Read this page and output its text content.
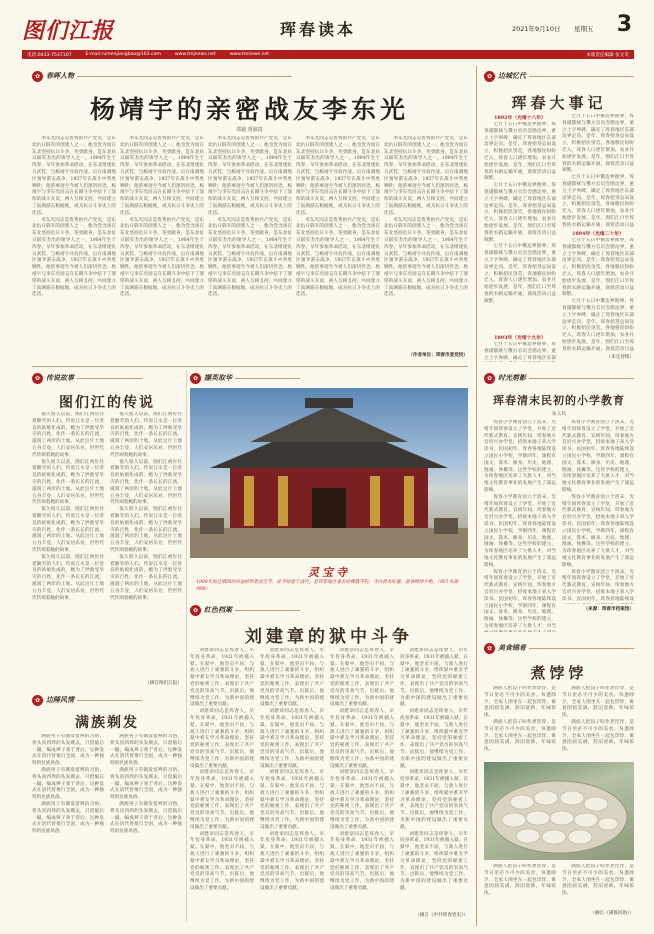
图们江报	珲春读本	3
2021年9月10日 星期五
电话:0433-7537167	E-mail:rumenjiangbao@163.com	www.tmjnews.net	www.tmnews.net	本版责任编辑 张文奇
✿ 春晖人物
杨靖宇的亲密战友李东光
郑毅 贾淑霞

李东光同志是优秀的共产党员，是东北抗日联军的创建人之一，他为党为国在东北坚持抗日斗争，英勇献身，是东北抗日联军杰出的领导人之一。1904年生于珲春，早年参加革命活动，在东北组建抗日武装，与杨靖宇并肩作战，后在南满地区领导游击战争，1937年在战斗中英勇牺牲。他的事迹至今被人们深切怀念。杨靖宇与李东光同志在长期斗争中结下了深厚的战斗友谊，两人互相支持，共同建立了南满游击根据地，成为抗日斗争史上的佳话。

李东光同志是优秀的共产党员，是东北抗日联军的创建人之一，他为党为国在东北坚持抗日斗争，英勇献身，是东北抗日联军杰出的领导人之一。1904年生于珲春，早年参加革命活动，在东北组建抗日武装，与杨靖宇并肩作战，后在南满地区领导游击战争，1937年在战斗中英勇牺牲。他的事迹至今被人们深切怀念。杨靖宇与李东光同志在长期斗争中结下了深厚的战斗友谊，两人互相支持，共同建立了南满游击根据地，成为抗日斗争史上的佳话。

李东光同志是优秀的共产党员，是东北抗日联军的创建人之一，他为党为国在东北坚持抗日斗争，英勇献身，是东北抗日联军杰出的领导人之一。1904年生于珲春，早年参加革命活动，在东北组建抗日武装，与杨靖宇并肩作战，后在南满地区领导游击战争，1937年在战斗中英勇牺牲。他的事迹至今被人们深切怀念。杨靖宇与李东光同志在长期斗争中结下了深厚的战斗友谊，两人互相支持，共同建立了南满游击根据地，成为抗日斗争史上的佳话。

李东光同志是优秀的共产党员，是东北抗日联军的创建人之一，他为党为国在东北坚持抗日斗争，英勇献身，是东北抗日联军杰出的领导人之一。1904年生于珲春，早年参加革命活动，在东北组建抗日武装，与杨靖宇并肩作战，后在南满地区领导游击战争，1937年在战斗中英勇牺牲。他的事迹至今被人们深切怀念。杨靖宇与李东光同志在长期斗争中结下了深厚的战斗友谊，两人互相支持，共同建立了南满游击根据地，成为抗日斗争史上的佳话。

李东光同志是优秀的共产党员，是东北抗日联军的创建人之一，他为党为国在东北坚持抗日斗争，英勇献身，是东北抗日联军杰出的领导人之一。1904年生于珲春，早年参加革命活动，在东北组建抗日武装，与杨靖宇并肩作战，后在南满地区领导游击战争，1937年在战斗中英勇牺牲。他的事迹至今被人们深切怀念。杨靖宇与李东光同志在长期斗争中结下了深厚的战斗友谊，两人互相支持，共同建立了南满游击根据地，成为抗日斗争史上的佳话。

李东光同志是优秀的共产党员，是东北抗日联军的创建人之一，他为党为国在东北坚持抗日斗争，英勇献身，是东北抗日联军杰出的领导人之一。1904年生于珲春，早年参加革命活动，在东北组建抗日武装，与杨靖宇并肩作战，后在南满地区领导游击战争，1937年在战斗中英勇牺牲。他的事迹至今被人们深切怀念。杨靖宇与李东光同志在长期斗争中结下了深厚的战斗友谊，两人互相支持，共同建立了南满游击根据地，成为抗日斗争史上的佳话。

李东光同志是优秀的共产党员，是东北抗日联军的创建人之一，他为党为国在东北坚持抗日斗争，英勇献身，是东北抗日联军杰出的领导人之一。1904年生于珲春，早年参加革命活动，在东北组建抗日武装，与杨靖宇并肩作战，后在南满地区领导游击战争，1937年在战斗中英勇牺牲。他的事迹至今被人们深切怀念。杨靖宇与李东光同志在长期斗争中结下了深厚的战斗友谊，两人互相支持，共同建立了南满游击根据地，成为抗日斗争史上的佳话。

李东光同志是优秀的共产党员，是东北抗日联军的创建人之一，他为党为国在东北坚持抗日斗争，英勇献身，是东北抗日联军杰出的领导人之一。1904年生于珲春，早年参加革命活动，在东北组建抗日武装，与杨靖宇并肩作战，后在南满地区领导游击战争，1937年在战斗中英勇牺牲。他的事迹至今被人们深切怀念。杨靖宇与李东光同志在长期斗争中结下了深厚的战斗友谊，两人互相支持，共同建立了南满游击根据地，成为抗日斗争史上的佳话。

李东光同志是优秀的共产党员，是东北抗日联军的创建人之一，他为党为国在东北坚持抗日斗争，英勇献身，是东北抗日联军杰出的领导人之一。1904年生于珲春，早年参加革命活动，在东北组建抗日武装，与杨靖宇并肩作战，后在南满地区领导游击战争，1937年在战斗中英勇牺牲。他的事迹至今被人们深切怀念。杨靖宇与李东光同志在长期斗争中结下了深厚的战斗友谊，两人互相支持，共同建立了南满游击根据地，成为抗日斗争史上的佳话。

李东光同志是优秀的共产党员，是东北抗日联军的创建人之一，他为党为国在东北坚持抗日斗争，英勇献身，是东北抗日联军杰出的领导人之一。1904年生于珲春，早年参加革命活动，在东北组建抗日武装，与杨靖宇并肩作战，后在南满地区领导游击战争，1937年在战斗中英勇牺牲。他的事迹至今被人们深切怀念。杨靖宇与李东光同志在长期斗争中结下了深厚的战斗友谊，两人互相支持，共同建立了南满游击根据地，成为抗日斗争史上的佳话。

（作者单位：珲春市委党校）
✿ 边城忆代
珲春大事记
1892年（光绪十八年）

七月十五日中俄边界勘界，珲春副都统与俄方官员会勘边界，重立土字界碑，确定了珲春地区东部边界走向。是年，珲春招垦总局设立，积极招民垦荒，各地移民纷纷迁入，珲春人口逐年增加，农业开始逐步发展。是年，图们江口至珲春的水路运输开通，商贸活动日益频繁。

七月十五日中俄边界勘界，珲春副都统与俄方官员会勘边界，重立土字界碑，确定了珲春地区东部边界走向。是年，珲春招垦总局设立，积极招民垦荒，各地移民纷纷迁入，珲春人口逐年增加，农业开始逐步发展。是年，图们江口至珲春的水路运输开通，商贸活动日益频繁。

七月十五日中俄边界勘界，珲春副都统与俄方官员会勘边界，重立土字界碑，确定了珲春地区东部边界走向。是年，珲春招垦总局设立，积极招民垦荒，各地移民纷纷迁入，珲春人口逐年增加，农业开始逐步发展。是年，图们江口至珲春的水路运输开通，商贸活动日益频繁。

1893年（光绪十九年）

七月十五日中俄边界勘界，珲春副都统与俄方官员会勘边界，重立土字界碑，确定了珲春地区东部

1894年（光绪二十年）

七月十五日中俄边界勘界，珲春副都统与俄方官员会勘边界，重立土字界碑，确定了珲春地区东部边界走向。是年，珲春招垦总局设立，积极招民垦荒，各地移民纷纷迁入，珲春人口逐年增加，农业开始逐步发展。是年，图们江口至珲春的水路运输开通，商贸活动日益频繁。

七月十五日中俄边界勘界，珲春副都统与俄方官员会勘边界，重立土字界碑，确定了珲春地区东部边界走向。是年，珲春招垦总局设立，积极招民垦荒，各地移民纷纷迁入，珲春人口逐年增加，农业开始逐步发展。是年，图们江口至珲春的水路运输开通，商贸活动日益

七月十五日中俄边界勘界，珲春副都统与俄方官员会勘边界，重立土字界碑，确定了珲春地区东部边界走向。是年，珲春招垦总局设立，积极招民垦荒，各地移民纷纷迁入，珲春人口逐年增加，农业开始逐步发展。是年，图们江口至珲春的水路运输开通，商贸活动日益频繁。

七月十五日中俄边界勘界，珲春副都统与俄方官员会勘边界，重立土字界碑，确定了珲春地区东部边界走向。是年，珲春招垦总局设立，积极招民垦荒，各地移民纷纷迁入，珲春人口逐年增加，农业开始逐步发展。是年，图们江口至珲春的水路运输开通，商贸活动日益

（未完待续）
✿ 时光剪影
珲春清末民初的小学教育
朱玉玖

珲春小学教育创立于清末，光绪年间珲春设立了学堂，开始了近代新式教育。宣统年间，珲春地方官府兴办学堂，招收本地子弟入学读书。民国初年，珲春各地陆续设立国民小学校，学制四年，课程有国文、算术、修身、历史、地理、图画、体操等。这些学校的建立，为珲春地区培养了大批人才，对当地文化教育事业的发展产生了深远影响。

珲春小学教育创立于清末，光绪年间珲春设立了学堂，开始了近代新式教育。宣统年间，珲春地方官府兴办学堂，招收本地子弟入学读书。民国初年，珲春各地陆续设立国民小学校，学制四年，课程有国文、算术、修身、历史、地理、图画、体操等。这些学校的建立，为珲春地区培养了大批人才，对当地文化教育事业的发展产生了深远影响。

珲春小学教育创立于清末，光绪年间珲春设立了学堂，开始了近代新式教育。宣统年间，珲春地方官府兴办学堂，招收本地子弟入学读书。民国初年，珲春各地陆续设立国民小学校，学制四年，课程有国文、算术、修身、历史、地理、图画、体操等。这些学校的建立，为珲春地区培养了大批人才，对当

珲春小学教育创立于清末，光绪年间珲春设立了学堂，开始了近代新式教育。宣统年间，珲春地方官府兴办学堂，招收本地子弟入学读书。民国初年，珲春各地陆续设立国民小学校，学制四年，课程有国文、算术、修身、历史、地理、图画、体操等。这些学校的建立，为珲春地区培养了大批人才，对当地文化教育事业的发展产生了深远影响。

珲春小学教育创立于清末，光绪年间珲春设立了学堂，开始了近代新式教育。宣统年间，珲春地方官府兴办学堂，招收本地子弟入学读书。民国初年，珲春各地陆续设立国民小学校，学制四年，课程有国文、算术、修身、历史、地理、图画、体操等。这些学校的建立，为珲春地区培养了大批人才，对当地文化教育事业的发展产生了深远影响。

珲春小学教育创立于清末，光绪年间珲春设立了学堂，开始了近代新式教育。宣统年间，珲春地方官府兴办学堂，招收本地子弟入学读书。民国初年，珲春各地陆续设

（来源：珲春市档案馆）
✿ 美食锦肴
煮饽饽

满族人把饺子叫作煮饽饽，是节日里必不可少的美食。每逢除夕，全家人围坐在一起包饽饽，寓意团圆美满，辞旧迎新，年味浓浓。

满族人把饺子叫作煮饽饽，是节日里必不可少的美食。每逢除夕，全家人围坐在一起包饽饽，寓意团圆美满，辞旧迎新，年味浓浓。

满族人把饺子叫作煮饽饽，是节日里必不可少的美食。每逢除夕，全家人围坐在一起包饽饽，寓意团圆美满，辞旧迎新，年味浓浓。

满族人把饺子叫作煮饽饽，是节日里必不可少的美食。每逢除夕，全家人围坐在一起包饽饽，寓意团圆美满，辞旧迎新，年味浓浓。

满族人把饺子叫作煮饽饽，是节日里必不可少的美食。每逢除夕，全家人围坐在一起包饽饽，寓意团圆美满，辞旧迎新，年味浓浓。

满族人把饺子叫作煮饽饽，是节日里必不可少的美食。每逢除夕，全家人围坐在一起包饽饽，寓意团圆美满，辞旧迎新，年味浓浓。

（摘自《满族风俗》）
✿ 传说故事
图们江的传说

很久很久以前，图们江两岸住着勤劳的人们。传说江水是一位善良的姑娘化成的，她为了拯救受旱灾的百姓，化作一条长长的江流，滋润了两岸的土地。从此这片土地五谷丰登，人们安居乐业，世世代代传颂着她的故事。

很久很久以前，图们江两岸住着勤劳的人们。传说江水是一位善良的姑娘化成的，她为了拯救受旱灾的百姓，化作一条长长的江流，滋润了两岸的土地。从此这片土地五谷丰登，人们安居乐业，世世代代传颂着她的故事。

很久很久以前，图们江两岸住着勤劳的人们。传说江水是一位善良的姑娘化成的，她为了拯救受旱灾的百姓，化作一条长长的江流，滋润了两岸的土地。从此这片土地五谷丰登，人们安居乐业，世世代代传颂着她的故事。

很久很久以前，图们江两岸住着勤劳的人们。传说江水是一位善良的姑娘化成的，她为了拯救受旱灾的百姓，化作一条长长的江流，滋润了两岸的土地。从此这片土地五谷丰登，人们安居乐业，世世代代传颂着她的故事。

很久很久以前，图们江两岸住着勤劳的人们。传说江水是一位善良的姑娘化成的，她为了拯救受旱灾的百姓，化作一条长长的江流，滋润了两岸的土地。从此这片土地五谷丰登，人们安居乐业，世世代代传颂着她的故事。

很久很久以前，图们江两岸住着勤劳的人们。传说江水是一位善良的姑娘化成的，她为了拯救受旱灾的百姓，化作一条长长的江流，滋润了两岸的土地。从此这片土地五谷丰登，人们安居乐业，世世代代传颂着她的故事。

很久很久以前，图们江两岸住着勤劳的人们。传说江水是一位善良的姑娘化成的，她为了拯救受旱灾的百姓，化作一条长长的江流，滋润了两岸的土地。从此这片土地五谷丰登，人们安居乐业，世世代代传颂着她的故事。

很久很久以前，图们江两岸住着勤劳的人们。传说江水是一位善良的姑娘化成的，她为了拯救受旱灾的百姓，化作一条长长的江流，滋润了两岸的土地。从此这片土地五谷丰登，人们安居乐业，世世代代传颂着她的故事。

（摘自图们江报）
✿ 撷英取华
灵宝寺
1909年前往俄国访问途经珲春灵宝寺，此寺始建于清代，是珲春地区著名的佛教寺院，寺内香火旺盛，游客络绎不绝。（图片来源网络）
✿ 红色档案
刘建章的狱中斗争

刘建章同志是珲春人，早年投身革命，1931年被捕入狱。在狱中，他坚贞不屈，与敌人进行了顽强的斗争，组织狱中难友学习革命理论，坚持党的秘密工作，表现出了共产党员的崇高气节。出狱后，他继续为党工作，为新中国的建设做出了重要贡献。

刘建章同志是珲春人，早年投身革命，1931年被捕入狱。在狱中，他坚贞不屈，与敌人进行了顽强的斗争，组织狱中难友学习革命理论，坚持党的秘密工作，表现出了共产党员的崇高气节。出狱后，他继续为党工作，为新中国的建设做出了重要贡献。

刘建章同志是珲春人，早年投身革命，1931年被捕入狱。在狱中，他坚贞不屈，与敌人进行了顽强的斗争，组织狱中难友学习革命理论，坚持党的秘密工作，表现出了共产党员的崇高气节。出狱后，他继续为党工作，为新中国的建设做出了重要贡献。

刘建章同志是珲春人，早年投身革命，1931年被捕入狱。在狱中，他坚贞不屈，与敌人进行了顽强的斗争，组织狱中难友学习革命理论，坚持党的秘密工作，表现出了共产党员的崇高气节。出狱后，他继续为党工作，为新中国的建设做出了重要贡献。

刘建章同志是珲春人，早年投身革命，1931年被捕入狱。在狱中，他坚贞不屈，与敌人进行了顽强的斗争，组织狱中难友学习革命理论，坚持党的秘密工作，表现出了共产党员的崇高气节。出狱后，他继续为党工作，为新中国的建设做出了重要贡献。

刘建章同志是珲春人，早年投身革命，1931年被捕入狱。在狱中，他坚贞不屈，与敌人进行了顽强的斗争，组织狱中难友学习革命理论，坚持党的秘密工作，表现出了共产党员的崇高气节。出狱后，他继续为党工作，为新中国的建设做出了重要贡献。

刘建章同志是珲春人，早年投身革命，1931年被捕入狱。在狱中，他坚贞不屈，与敌人进行了顽强的斗争，组织狱中难友学习革命理论，坚持党的秘密工作，表现出了共产党员的崇高气节。出狱后，他继续为党工作，为新中国的建设做出了重要贡献。

刘建章同志是珲春人，早年投身革命，1931年被捕入狱。在狱中，他坚贞不屈，与敌人进行了顽强的斗争，组织狱中难友学习革命理论，坚持党的秘密工作，表现出了共产党员的崇高气节。出狱后，他继续为党工作，为新中国的建设做出了重要贡献。

刘建章同志是珲春人，早年投身革命，1931年被捕入狱。在狱中，他坚贞不屈，与敌人进行了顽强的斗争，组织狱中难友学习革命理论，坚持党的秘密工作，表现出了共产党员的崇高气节。出狱后，他继续为党工作，为新中国的建设做出了重要贡献。

刘建章同志是珲春人，早年投身革命，1931年被捕入狱。在狱中，他坚贞不屈，与敌人进行了顽强的斗争，组织狱中难友学习革命理论，坚持党的秘密工作，表现出了共产党员的崇高气节。出狱后，他继续为党工作，为新中国的建设做出了重要贡献。

刘建章同志是珲春人，早年投身革命，1931年被捕入狱。在狱中，他坚贞不屈，与敌人进行了顽强的斗争，组织狱中难友学习革命理论，坚持党的秘密工作，表现出了共产党员的崇高气节。出狱后，他继续为党工作，为新中国的建设做出了重要贡献。

刘建章同志是珲春人，早年投身革命，1931年被捕入狱。在狱中，他坚贞不屈，与敌人进行了顽强的斗争，组织狱中难友学习革命理论，坚持党的秘密工作，表现出了共产党员的崇高气节。出狱后，他继续为党工作，为新中国的建设做出了重要贡献。

刘建章同志是珲春人，早年投身革命，1931年被捕入狱。在狱中，他坚贞不屈，与敌人进行了顽强的斗争，组织狱中难友学习革命理论，坚持党的秘密工作，表现出了共产党员的崇高气节。出狱后，他继续为党工作，为新中国的建设做出了重要贡献。

刘建章同志是珲春人，早年投身革命，1931年被捕入狱。在狱中，他坚贞不屈，与敌人进行了顽强的斗争，组织狱中难友学习革命理论，坚持党的秘密工作，表现出了共产党员的崇高气节。出狱后，他继续为党工作，为新中国的建设做出了重要贡献。

刘建章同志是珲春人，早年投身革命，1931年被捕入狱。在狱中，他坚贞不屈，与敌人进行了顽强的斗争，组织狱中难友学习革命理论，坚持党的秘密工作，表现出了共产党员的崇高气节。出狱后，他继续为党工作，为新中国的建设做出了重要贡献。

刘建章同志是珲春人，早年投身革命，1931年被捕入狱。在狱中，他坚贞不屈，与敌人进行了顽强的斗争，组织狱中难友学习革命理论，坚持党的秘密工作，表现出了共产党员的崇高气节。出狱后，他继续为党工作，为新中国的建设做出了重要贡献。

（摘自《中共珲春党史》）
✿ 边陲风情
满族剃发

满族男子有剃发留辫的习俗，将头顶四周的头发剃去，只留脑后一撮，编成辫子垂于背后。这种发式在清代曾推行全国，成为一种独特的民族风俗。

满族男子有剃发留辫的习俗，将头顶四周的头发剃去，只留脑后一撮，编成辫子垂于背后。这种发式在清代曾推行全国，成为一种独特的民族风俗。

满族男子有剃发留辫的习俗，将头顶四周的头发剃去，只留脑后一撮，编成辫子垂于背后。这种发式在清代曾推行全国，成为一种独特的民族风俗。

满族男子有剃发留辫的习俗，将头顶四周的头发剃去，只留脑后一撮，编成辫子垂于背后。这种发式在清代曾推行全国，成为一种独特的民族风俗。

满族男子有剃发留辫的习俗，将头顶四周的头发剃去，只留脑后一撮，编成辫子垂于背后。这种发式在清代曾推行全国，成为一种独特的民族风俗。

满族男子有剃发留辫的习俗，将头顶四周的头发剃去，只留脑后一撮，编成辫子垂于背后。这种发式在清代曾推行全国，成为一种独特的民族风俗。
